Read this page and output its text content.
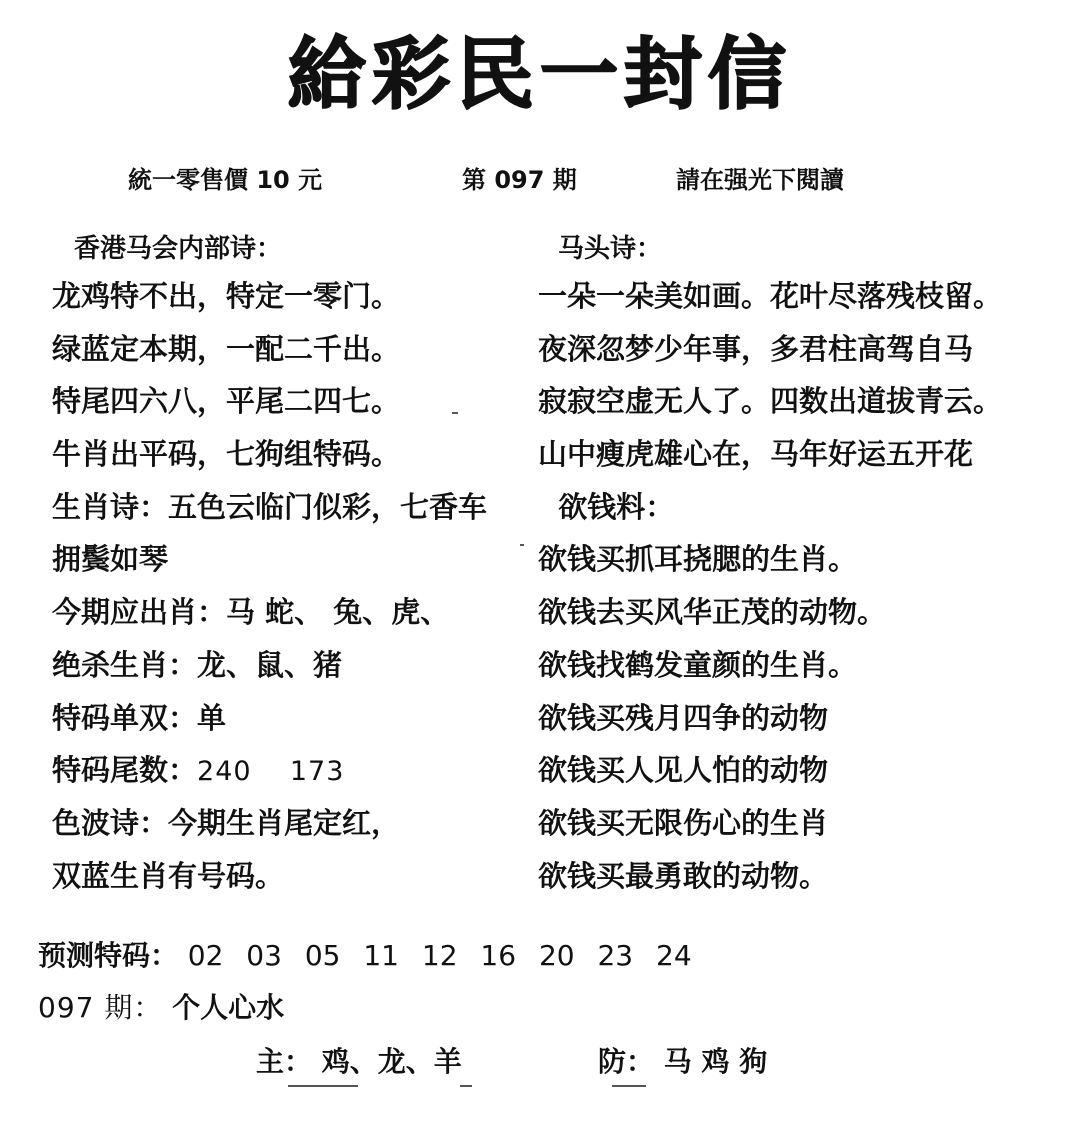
給彩民一封信
統一零售價 10 元	第 097 期	請在强光下閱讀
香港马会内部诗：	马头诗：
龙鸡特不出，特定一零门。
绿蓝定本期，一配二千出。
特尾四六八，平尾二四七。
牛肖出平码，七狗组特码。
生肖诗：五色云临门似彩，七香车
拥鬓如琴
今期应出肖：马 蛇、 兔、虎、
绝杀生肖：龙、鼠、猪
特码单双：单
特码尾数：240    173
色波诗：今期生肖尾定红，
双蓝生肖有号码。
一朵一朵美如画。花叶尽落残枝留。
夜深忽梦少年事，多君柱高驾自马
寂寂空虚无人了。四数出道拔青云。
山中瘦虎雄心在，马年好运五开花
欲钱料：
欲钱买抓耳挠腮的生肖。
欲钱去买风华正茂的动物。
欲钱找鹤发童颜的生肖。
欲钱买残月四争的动物
欲钱买人见人怕的动物
欲钱买无限伤心的生肖
欲钱买最勇敢的动物。
预测特码： 02 03 05 11 12 16 20 23 24
097 期： 个人心水
主： 鸡、龙、羊	防： 马 鸡 狗
